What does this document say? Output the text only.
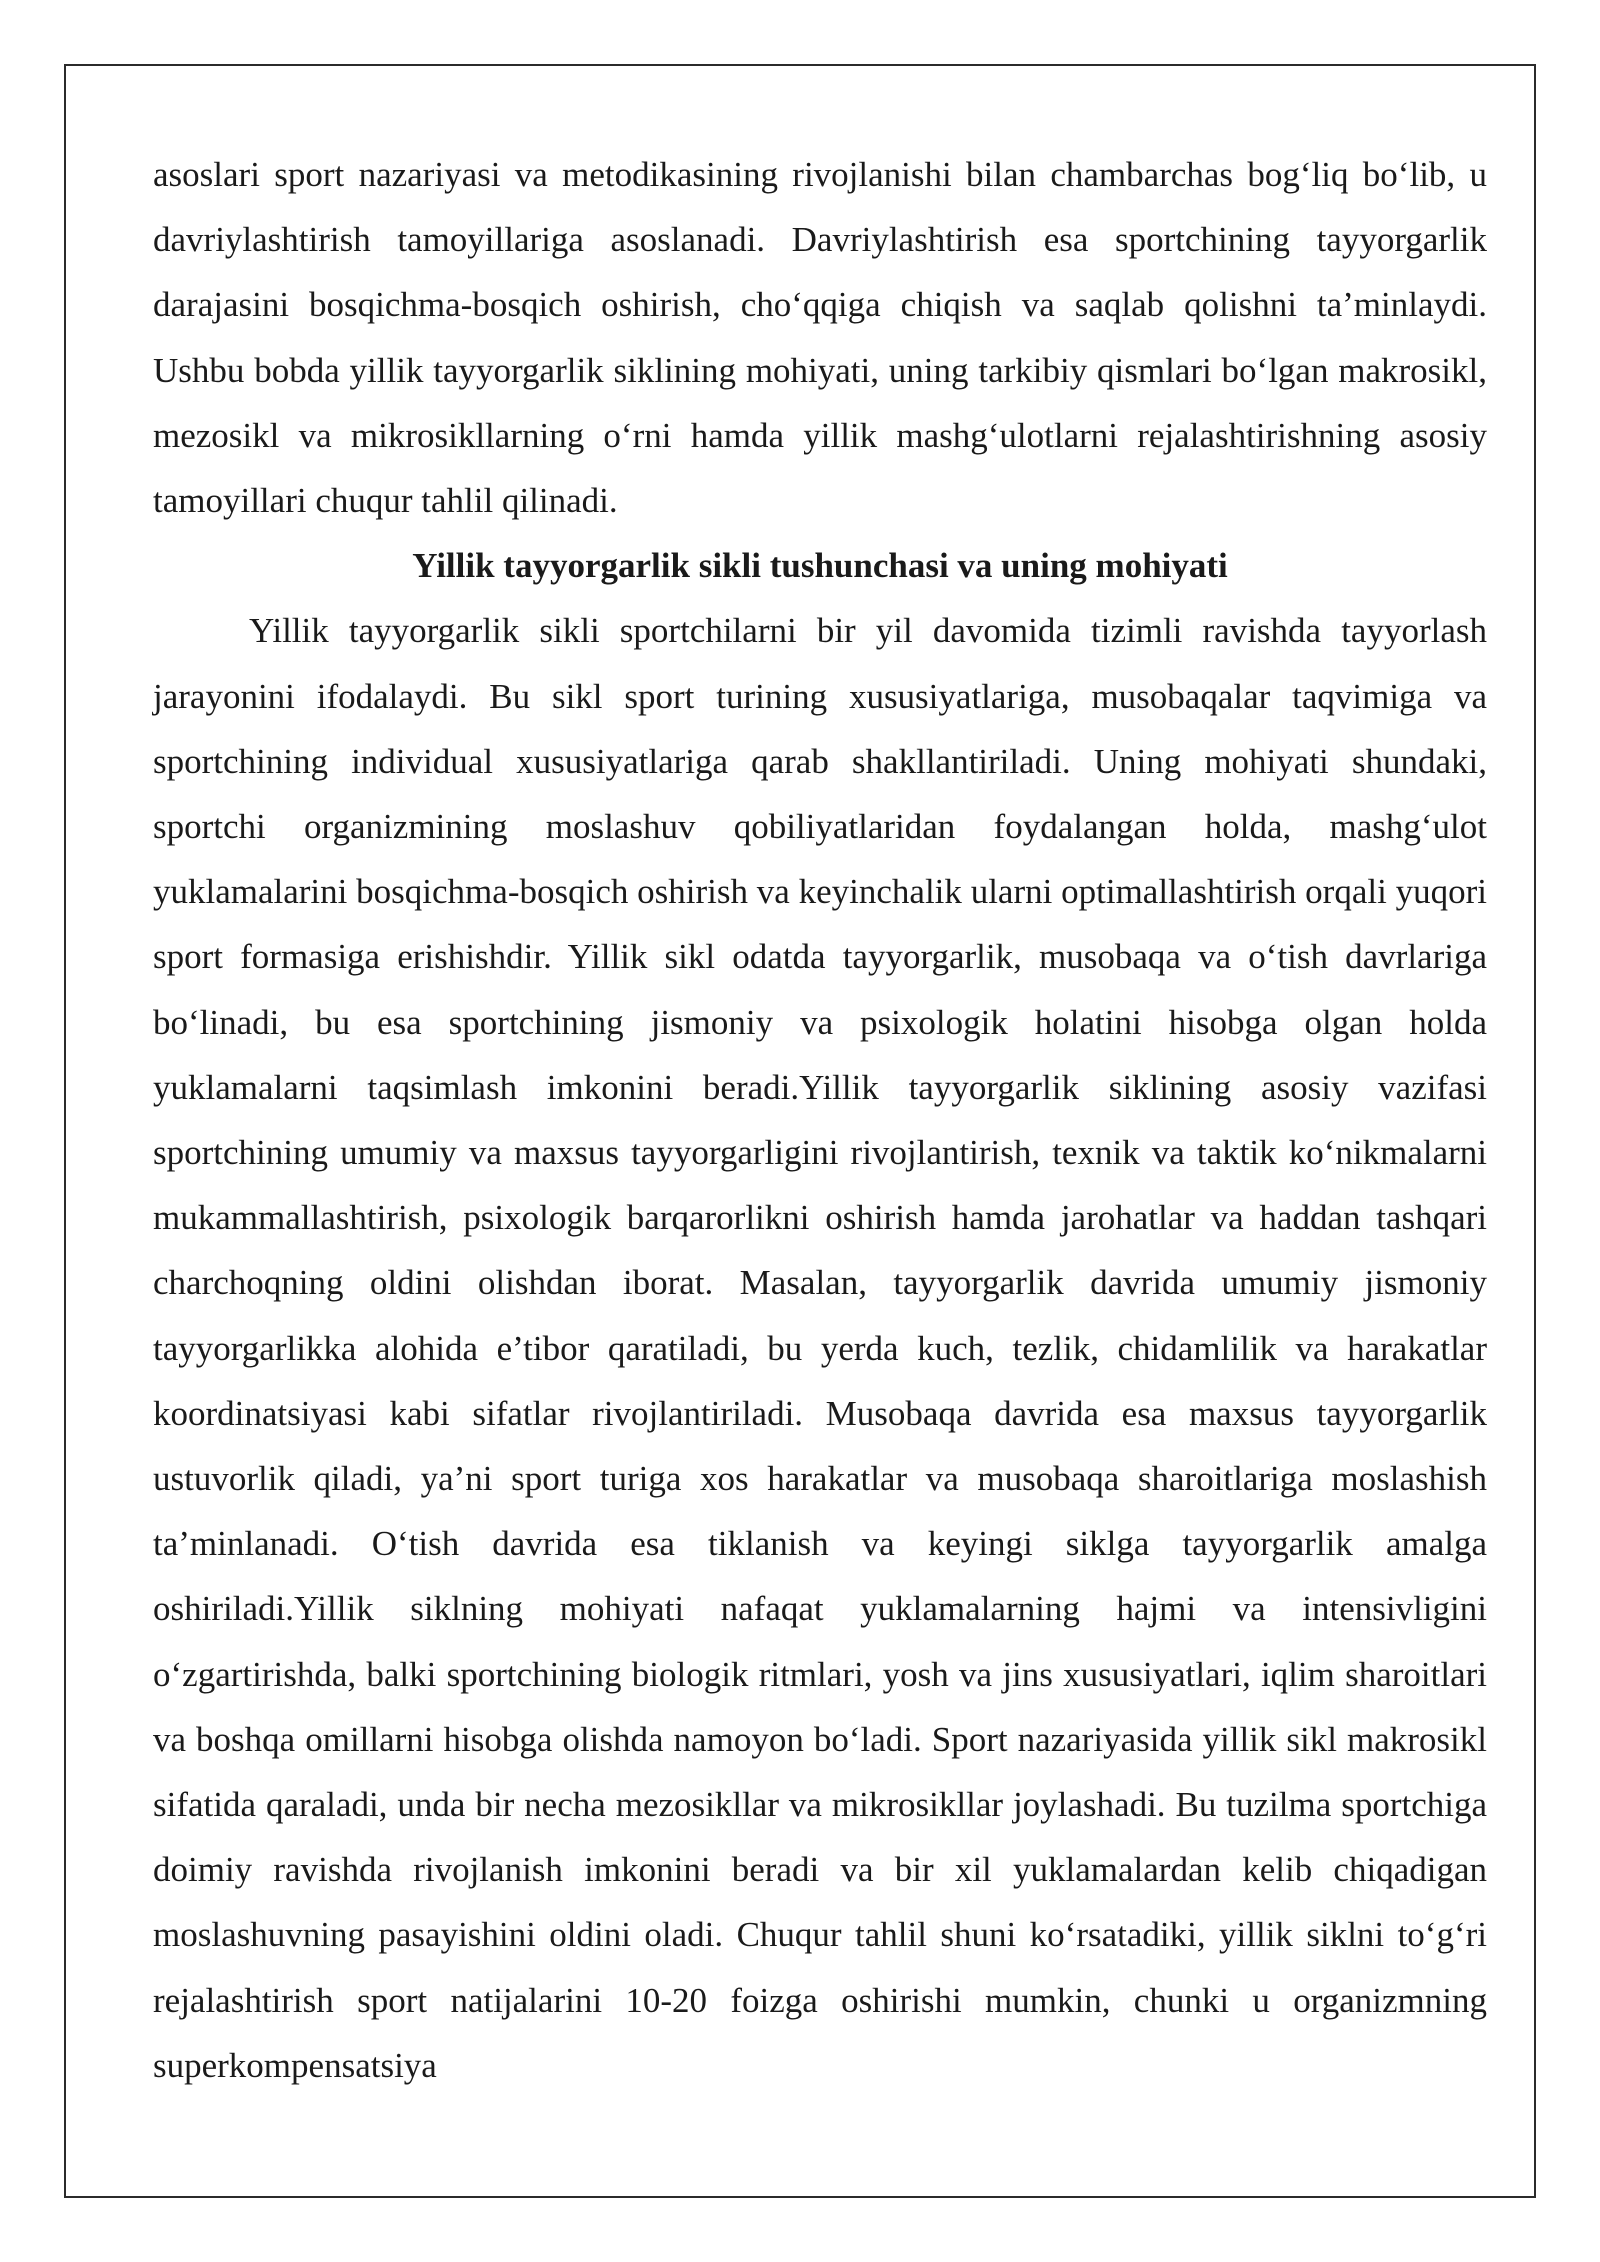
asoslari sport nazariyasi va metodikasining rivojlanishi bilan chambarchas bog‘liq bo‘lib, u davriylashtirish tamoyillariga asoslanadi. Davriylashtirish esa sportchining tayyorgarlik darajasini bosqichma-bosqich oshirish, cho‘qqiga chiqish va saqlab qolishni ta’minlaydi. Ushbu bobda yillik tayyorgarlik siklining mohiyati, uning tarkibiy qismlari bo‘lgan makrosikl, mezosikl va mikrosikllarning o‘rni hamda yillik mashg‘ulotlarni rejalashtirishning asosiy tamoyillari chuqur tahlil qilinadi.

Yillik tayyorgarlik sikli tushunchasi va uning mohiyati

Yillik tayyorgarlik sikli sportchilarni bir yil davomida tizimli ravishda tayyorlash jarayonini ifodalaydi. Bu sikl sport turining xususiyatlariga, musobaqalar taqvimiga va sportchining individual xususiyatlariga qarab shakllantiriladi. Uning mohiyati shundaki, sportchi organizmining moslashuv qobiliyatlaridan foydalangan holda, mashg‘ulot yuklamalarini bosqichma-bosqich oshirish va keyinchalik ularni optimallashtirish orqali yuqori sport formasiga erishishdir. Yillik sikl odatda tayyorgarlik, musobaqa va o‘tish davrlariga bo‘linadi, bu esa sportchining jismoniy va psixologik holatini hisobga olgan holda yuklamalarni taqsimlash imkonini beradi.Yillik tayyorgarlik siklining asosiy vazifasi sportchining umumiy va maxsus tayyorgarligini rivojlantirish, texnik va taktik ko‘nikmalarni mukammallashtirish, psixologik barqarorlikni oshirish hamda jarohatlar va haddan tashqari charchoqning oldini olishdan iborat. Masalan, tayyorgarlik davrida umumiy jismoniy tayyorgarlikka alohida e’tibor qaratiladi, bu yerda kuch, tezlik, chidamlilik va harakatlar koordinatsiyasi kabi sifatlar rivojlantiriladi. Musobaqa davrida esa maxsus tayyorgarlik ustuvorlik qiladi, ya’ni sport turiga xos harakatlar va musobaqa sharoitlariga moslashish ta’minlanadi. O‘tish davrida esa tiklanish va keyingi siklga tayyorgarlik amalga oshiriladi.Yillik siklning mohiyati nafaqat yuklamalarning hajmi va intensivligini o‘zgartirishda, balki sportchining biologik ritmlari, yosh va jins xususiyatlari, iqlim sharoitlari va boshqa omillarni hisobga olishda namoyon bo‘ladi. Sport nazariyasida yillik sikl makrosikl sifatida qaraladi, unda bir necha mezosikllar va mikrosikllar joylashadi. Bu tuzilma sportchiga doimiy ravishda rivojlanish imkonini beradi va bir xil yuklamalardan kelib chiqadigan moslashuvning pasayishini oldini oladi. Chuqur tahlil shuni ko‘rsatadiki, yillik siklni to‘g‘ri rejalashtirish sport natijalarini 10-20 foizga oshirishi mumkin, chunki u organizmning superkompensatsiya
